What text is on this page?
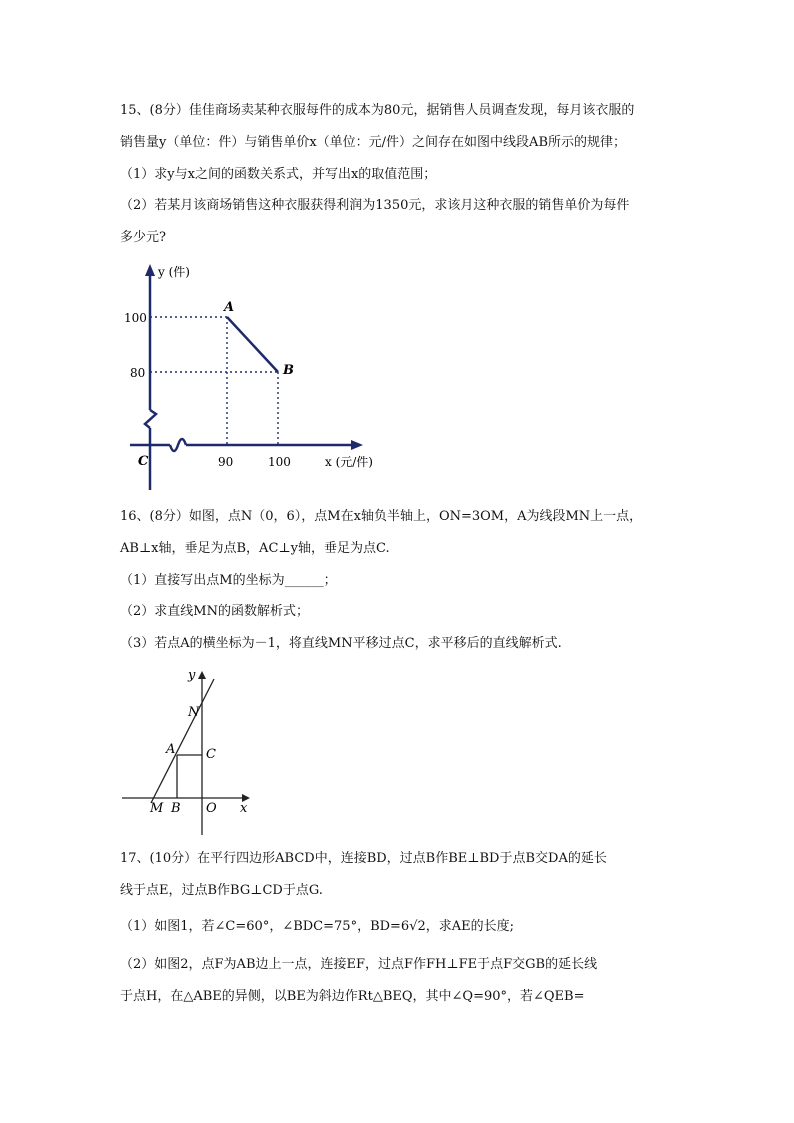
15、(8分）佳佳商场卖某种衣服每件的成本为80元，据销售人员调查发现，每月该衣服的
销售量y（单位：件）与销售单价x（单位：元/件）之间存在如图中线段AB所示的规律；
（1）求y与x之间的函数关系式，并写出x的取值范围；
（2）若某月该商场销售这种衣服获得利润为1350元，求该月这种衣服的销售单价为每件
多少元?
y (件)
100
80
A
B
C	90	100	x (元/件)
16、(8分）如图，点N（0，6），点M在x轴负半轴上，ON=3OM，A为线段MN上一点，
AB⊥x轴，垂足为点B，AC⊥y轴，垂足为点C.
（1）直接写出点M的坐标为______；
（2）求直线MN的函数解析式；
（3）若点A的横坐标为－1，将直线MN平移过点C，求平移后的直线解析式.
y
N
A C
M B O x
17、(10分）在平行四边形ABCD中，连接BD，过点B作BE⊥BD于点B交DA的延长
线于点E，过点B作BG⊥CD于点G.
（1）如图1，若∠C=60°，∠BDC=75°，BD=6√2，求AE的长度;
（2）如图2，点F为AB边上一点，连接EF，过点F作FH⊥FE于点F交GB的延长线
于点H，在△ABE的异侧，以BE为斜边作Rt△BEQ，其中∠Q=90°，若∠QEB=
